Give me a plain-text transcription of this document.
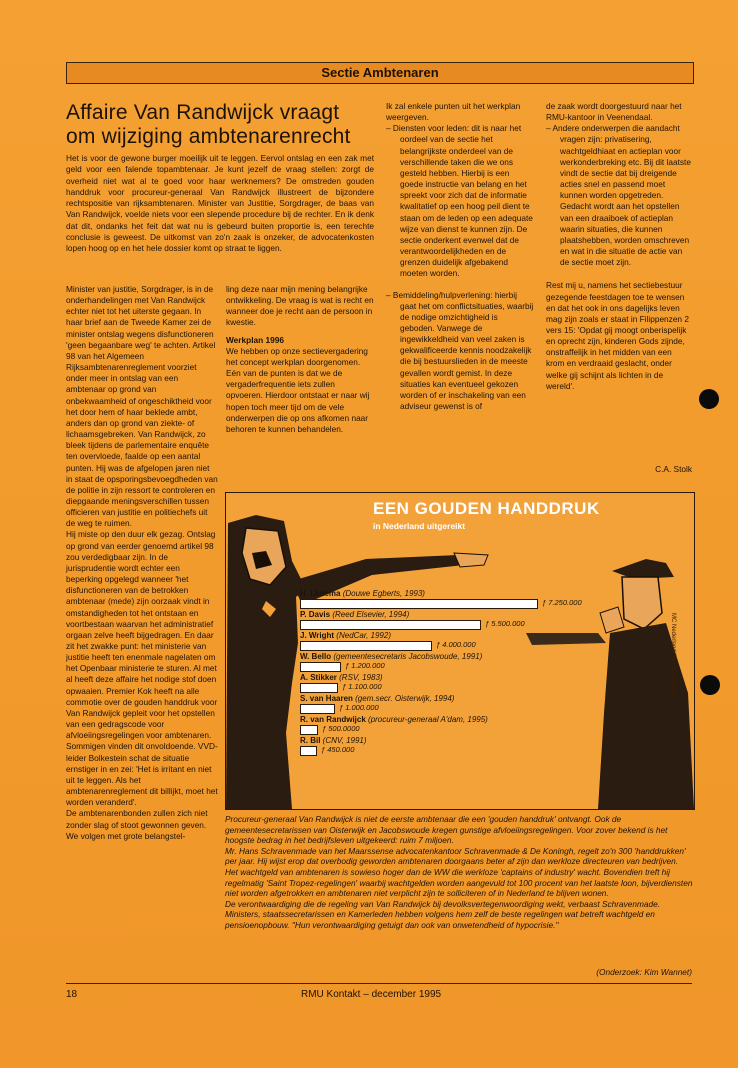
Sectie Ambtenaren
Affaire Van Randwijck vraagt om wijziging ambtenarenrecht
Het is voor de gewone burger moeilijk uit te leggen. Eervol ontslag en een zak met geld voor een falende topambtenaar. Je kunt jezelf de vraag stellen: zorgt de overheid niet wat al te goed voor haar werknemers? De omstreden gouden handdruk voor procureur-generaal Van Randwijck illustreert de bijzondere rechtspositie van rijksambtenaren. Minister van Justitie, Sorgdrager, de baas van Van Randwijck, voelde niets voor een slepende procedure bij de rechter. En ik denk dat dit, ondanks het feit dat wat nu is gebeurd buiten proportie is, een terechte conclusie is geweest. De uitkomst van zo'n zaak is onzeker, de advocatenkosten lopen hoog op en het hele dossier komt op straat te liggen.

Minister van justitie, Sorgdrager, is in de onderhandelingen met Van Randwijck echter niet tot het uiterste gegaan. In haar brief aan de Tweede Kamer zei de minister ontslag wegens disfunctioneren 'geen begaanbare weg' te achten. Artikel 98 van het Algemeen Rijksambtenarenreglement voorziet onder meer in ontslag van een ambtenaar op grond van onbekwaamheid of ongeschiktheid voor het door hem of haar beklede ambt, anders dan op grond van ziekte- of lichaamsgebreken. Van Randwijck, zo bleek tijdens de parlementaire enquête ten overvloede, faalde op een aantal punten. Hij was de afgelopen jaren niet in staat de opsporingsbevoegdheden van de politie in zijn ressort te controleren en diepgaande meningsverschillen tussen officieren van justitie en politiechefs uit de weg te ruimen.

Hij miste op den duur elk gezag. Ontslag op grond van eerder genoemd artikel 98 zou verdedigbaar zijn. In de jurisprudentie wordt echter een beperking opgelegd wanneer 'het disfunctioneren van de betrokken ambtenaar (mede) zijn oorzaak vindt in omstandigheden tot het ontstaan en voortbestaan waarvan het administratief orgaan zelve heeft bijgedragen. En daar zit het zwakke punt: het ministerie van justitie heeft ten enenmale nagelaten om het Openbaar ministerie te sturen. Al met al heeft deze affaire het nodige stof doen opwaaien. Premier Kok heeft na alle commotie over de gouden handdruk voor Van Randwijck gepleit voor het opstellen van een gedragscode voor afvloeiingsregelingen voor ambtenaren. Sommigen vinden dit onvoldoende. VVD-leider Bolkestein schat de situatie ernstiger in en zei: 'Het is irritant en niet uit te leggen. Als het ambtenarenreglement dit billijkt, moet het worden veranderd'.

De ambtenarenbonden zullen zich niet zonder slag of stoot gewonnen geven.

We volgen met grote belangstel-

ling deze naar mijn mening belangrijke ontwikkeling. De vraag is wat is recht en wanneer doe je recht aan de persoon in kwestie.

Werkplan 1996

We hebben op onze sectievergadering het concept werkplan doorgenomen. Eén van de punten is dat we de vergaderfrequentie iets zullen opvoeren. Hierdoor ontstaat er naar wij hopen toch meer tijd om de vele onderwerpen die op ons afkomen naar behoren te kunnen behandelen.

Ik zal enkele punten uit het werkplan weergeven.

– Diensten voor leden: dit is naar het oordeel van de sectie het belangrijkste onderdeel van de verschillende taken die we ons gesteld hebben. Hierbij is een goede instructie van belang en het spreekt voor zich dat de informatie kwalitatief op een hoog peil dient te staan om de leden op een adequate wijze van dienst te kunnen zijn. De sectie onderkent evenwel dat de verantwoordelijkheden en de grenzen duidelijk afgebakend moeten worden.

– Bemiddeling/hulpverlening: hierbij gaat het om conflictsituaties, waarbij de nodige omzichtigheid is geboden. Vanwege de ingewikkeldheid van veel zaken is gekwalificeerde kennis noodzakelijk die bij bestuurslieden in de meeste gevallen wordt gemist. In deze situaties kan eventueel gekozen worden of er inschakeling van een adviseur gewenst is of

de zaak wordt doorgestuurd naar het RMU-kantoor in Veenendaal.

– Andere onderwerpen die aandacht vragen zijn: privatisering, wachtgeldhiaat en actieplan voor werkonderbreking etc. Bij dit laatste vindt de sectie dat bij dreigende acties snel en passend moet kunnen worden opgetreden. Gedacht wordt aan het opstellen van een draaiboek of actieplan waarin situaties, die kunnen plaatshebben, worden omschreven en wat in die situatie de actie van de sectie moet zijn.

Rest mij u, namens het sectiebestuur gezegende feestdagen toe te wensen en dat het ook in ons dagelijks leven mag zijn zoals er staat in Filippenzen 2 vers 15: 'Opdat gij moogt onberispelijk en oprecht zijn, kinderen Gods zijnde, onstraffelijk in het midden van een krom en verdraaid geslacht, onder welke gij schijnt als lichten in de wereld'.

C.A. Stolk
EEN GOUDEN HANDDRUK
in Nederland uitgereikt
MC Nederland '95 / Ed Vortman
H. IJntema (Douwe Egberts, 1993)
ƒ 7.250.000
P. Davis (Reed Elsevier, 1994)
ƒ 5.500.000
J. Wright (NedCar, 1992)
ƒ 4.000.000
W. Bello (gemeentesecretaris Jacobswoude, 1991)
ƒ 1.200.000
A. Stikker (RSV, 1983)
ƒ 1.100.000
S. van Haaren (gem.secr. Oisterwijk, 1994)
ƒ 1.000.000
R. van Randwijck (procureur-generaal A'dam, 1995)
ƒ 500.0000
R. Bil (CNV, 1991)
ƒ 450.000

Procureur-generaal Van Randwijck is niet de eerste ambtenaar die een 'gouden handdruk' ontvangt. Ook de gemeentesecretarissen van Oisterwijk en Jacobswoude kregen gunstige afvloeiingsregelingen. Voor zover bekend is het hoogste bedrag in het bedrijfsleven uitgekeerd: ruim 7 miljoen.

Mr. Hans Schravenmade van het Maarssense advocatenkantoor Schravenmade & De Koningh, regelt zo'n 300 'handdrukken' per jaar. Hij wijst erop dat overbodig geworden ambtenaren doorgaans beter af zijn dan werkloze directeuren van bedrijven. Het wachtgeld van ambtenaren is sowieso hoger dan de WW die werkloze 'captains of industry' wacht. Bovendien treft hij regelmatig 'Saint Tropez-regelingen' waarbij wachtgelden worden aangevuld tot 100 procent van het laatste loon, bijverdiensten niet worden afgetrokken en ambtenaren niet verplicht zijn te solliciteren of in Nederland te blijven wonen.

De verontwaardiging die de regeling van Van Randwijck bij devolksvertegenwoordiging wekt, verbaast Schravenmade. Ministers, staatssecretarissen en Kamerleden hebben volgens hem zelf de beste regelingen wat betreft wachtgeld en pensioenopbouw. "Hun verontwaardiging getuigt dan ook van onwetendheid of hypocrisie."

(Onderzoek: Kim Wannet)
18	RMU Kontakt – december 1995
